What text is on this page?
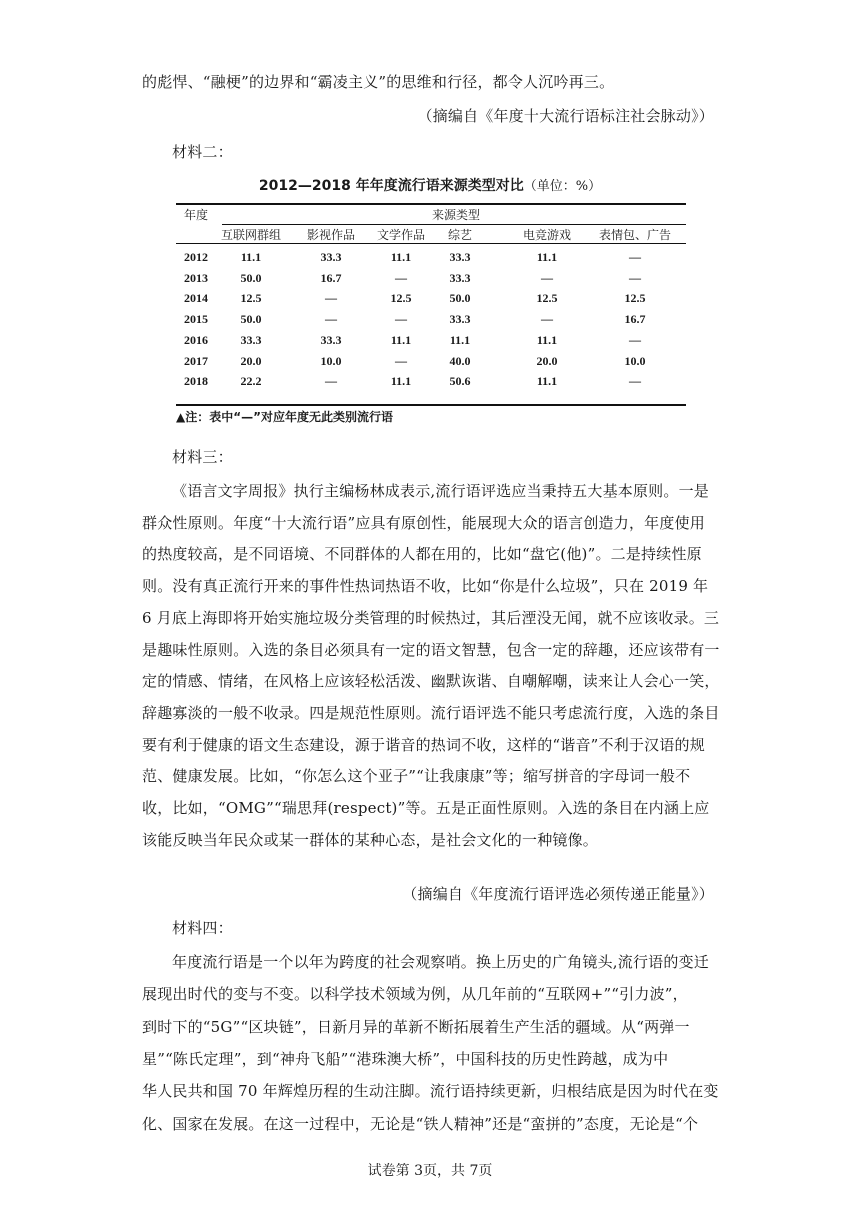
的彪悍、“融梗”的边界和“霸凌主义”的思维和行径，都令人沉吟再三。
（摘编自《年度十大流行语标注社会脉动》）
材料二：
2012—2018 年年度流行语来源类型对比（单位：%）
年度	来源类型
互联网群组	影视作品	文学作品	综艺	电竞游戏	表情包、广告
2012	11.1	33.3	11.1	33.3	11.1	—
2013	50.0	16.7	—	33.3	—	—
2014	12.5	—	12.5	50.0	12.5	12.5
2015	50.0	—	—	33.3	—	16.7
2016	33.3	33.3	11.1	11.1	11.1	—
2017	20.0	10.0	—	40.0	20.0	10.0
2018	22.2	—	11.1	50.6	11.1	—
▲注：表中“—”对应年度无此类别流行语
材料三：
《语言文字周报》执行主编杨林成表示,流行语评选应当秉持五大基本原则。一是
群众性原则。年度“十大流行语”应具有原创性，能展现大众的语言创造力，年度使用
的热度较高，是不同语境、不同群体的人都在用的，比如“盘它(他)”。二是持续性原
则。没有真正流行开来的事件性热词热语不收，比如“你是什么垃圾”，只在 2019 年
6 月底上海即将开始实施垃圾分类管理的时候热过，其后湮没无闻，就不应该收录。三
是趣味性原则。入选的条目必须具有一定的语文智慧，包含一定的辞趣，还应该带有一
定的情感、情绪，在风格上应该轻松活泼、幽默诙谐、自嘲解嘲，读来让人会心一笑，
辞趣寡淡的一般不收录。四是规范性原则。流行语评选不能只考虑流行度，入选的条目
要有利于健康的语文生态建设，源于谐音的热词不收，这样的“谐音”不利于汉语的规
范、健康发展。比如，“你怎么这个亚子”“让我康康”等；缩写拼音的字母词一般不
收，比如，“OMG”“瑞思拜(respect)”等。五是正面性原则。入选的条目在内涵上应
该能反映当年民众或某一群体的某种心态，是社会文化的一种镜像。
（摘编自《年度流行语评选必须传递正能量》）
材料四：
年度流行语是一个以年为跨度的社会观察哨。换上历史的广角镜头,流行语的变迁
展现出时代的变与不变。以科学技术领域为例，从几年前的“互联网+”“引力波”，
到时下的“5G”“区块链”，日新月异的革新不断拓展着生产生活的疆域。从“两弹一
星”“陈氏定理”，到“神舟飞船”“港珠澳大桥”，中国科技的历史性跨越，成为中
华人民共和国 70 年辉煌历程的生动注脚。流行语持续更新，归根结底是因为时代在变
化、国家在发展。在这一过程中，无论是“铁人精神”还是“蛮拼的”态度，无论是“个
试卷第 3页，共 7页
